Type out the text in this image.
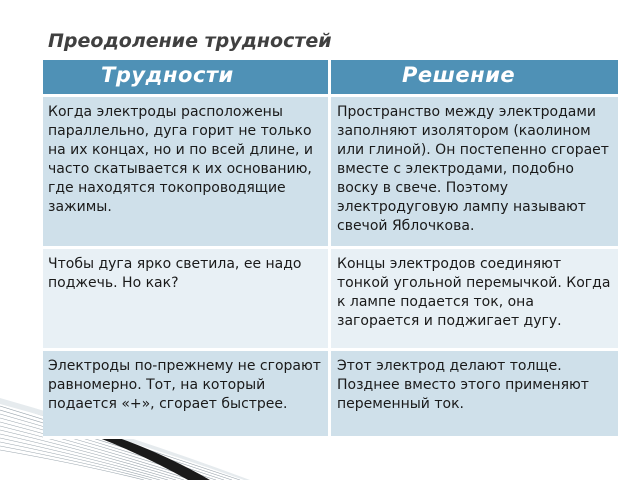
Преодоление трудностей
Трудности	Решение
Когда электроды расположены параллельно, дуга горит не только на их концах, но и по всей длине, и часто скатывается к их основанию, где находятся токопроводящие зажимы.	Пространство между электродами заполняют изолятором (каолином или глиной). Он постепенно сгорает вместе с электродами, подобно воску в свече. Поэтому электродуговую лампу называют свечой Яблочкова.
Чтобы дуга ярко светила, ее надо поджечь. Но как?	Концы электродов соединяют тонкой угольной перемычкой. Когда к лампе подается ток, она загорается и поджигает дугу.
Электроды по-прежнему не сгорают равномерно. Тот, на который подается «+», сгорает быстрее.	Этот электрод делают толще. Позднее вместо этого применяют переменный ток.
